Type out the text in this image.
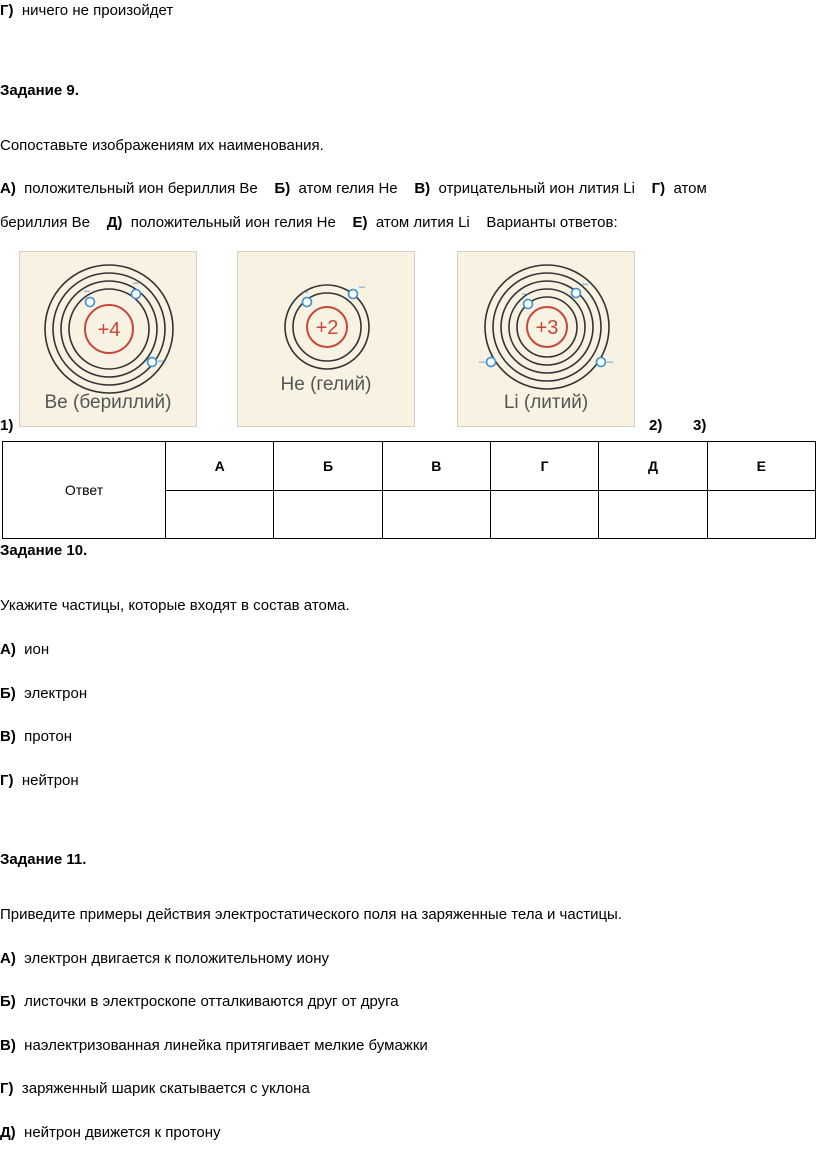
Г) ничего не произойдет
Задание 9.
Сопоставьте изображениям их наименования.
А) положительный ион бериллия Be Б) атом гелия He В) отрицательный ион лития Li Г) атом
бериллия Be Д) положительный ион гелия He Е) атом лития Li Варианты ответов:
–
–
–
+4
Be (бериллий)
–	–
+2
He (гелий)
–
–
–	–
+3
Li (литий)
1)	2) 3)
Ответ	А	Б	В	Г	Д	Е

Задание 10.
Укажите частицы, которые входят в состав атома.
А) ион
Б) электрон
В) протон
Г) нейтрон
Задание 11.
Приведите примеры действия электростатического поля на заряженные тела и частицы.
А) электрон двигается к положительному иону
Б) листочки в электроскопе отталкиваются друг от друга
В) наэлектризованная линейка притягивает мелкие бумажки
Г) заряженный шарик скатывается с уклона
Д) нейтрон движется к протону
